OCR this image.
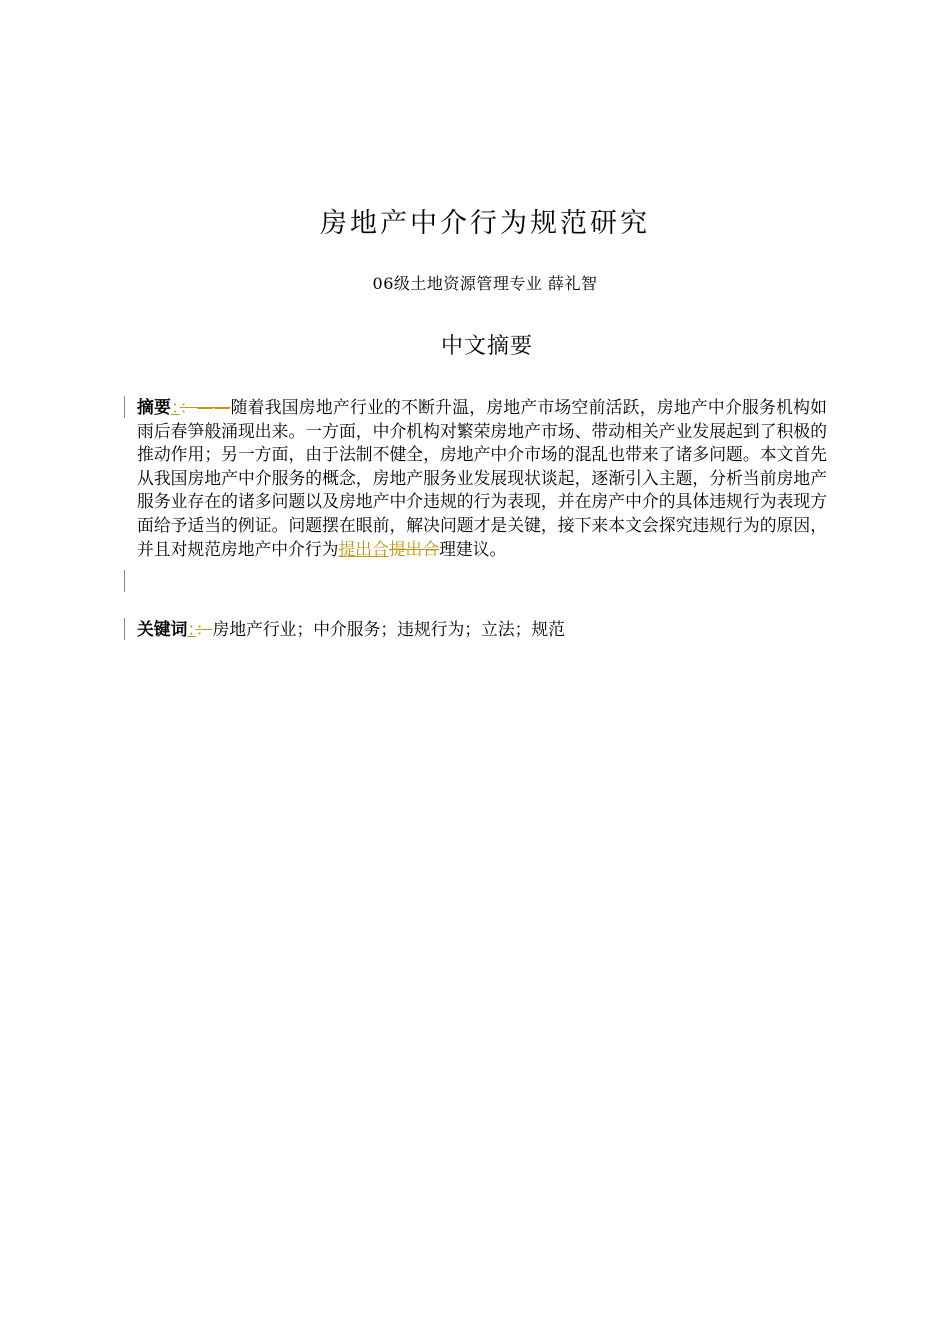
房地产中介行为规范研究
06级土地资源管理专业 薛礼智
中文摘要
摘要：：——随着我国房地产行业的不断升温，房地产市场空前活跃，房地产中介服务机构如雨后春笋般涌现出来。一方面，中介机构对繁荣房地产市场、带动相关产业发展起到了积极的推动作用；另一方面，由于法制不健全，房地产中介市场的混乱也带来了诸多问题。本文首先从我国房地产中介服务的概念，房地产服务业发展现状谈起，逐渐引入主题，分析当前房地产服务业存在的诸多问题以及房地产中介违规的行为表现，并在房产中介的具体违规行为表现方面给予适当的例证。问题摆在眼前，解决问题才是关键，接下来本文会探究违规行为的原因，并且对规范房地产中介行为提出合提出合理建议。
关键词：：房地产行业；中介服务；违规行为；立法；规范
